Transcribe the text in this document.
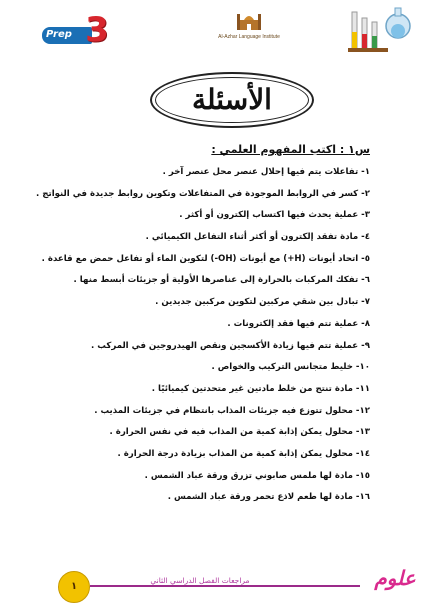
Prep 3	Al-Azhar Language Institute
الأسئلة
س١ : اكتب المفهوم العلمي :
١- تفاعلات يتم فيها إحلال عنصر محل عنصر آخر .
٢- كسر في الروابط الموجودة في المتفاعلات وتكوين روابط جديدة في النواتج .
٣- عملية يحدث فيها اكتساب إلكترون أو أكثر .
٤- مادة تفقد إلكترون أو أكثر أثناء التفاعل الكيميائي .
٥- اتحاد أيونات (H+) مع أيونات (OH-) لتكوين الماء أو تفاعل حمض مع قاعدة .
٦- تفكك المركبات بالحرارة إلى عناصرها الأولية أو جزيئات أبسط منها .
٧- تبادل بين شقي مركبين لتكوين مركبين جديدين .
٨- عملية تتم فيها فقد إلكترونات .
٩- عملية تتم فيها زيادة الأكسجين ونقص الهيدروجين في المركب .
١٠- خليط متجانس التركيب والخواص .
١١- مادة تنتج من خلط مادتين غير متحدتين كيميائيًا .
١٢- محلول تتوزع فيه جزيئات المذاب بانتظام في جزيئات المذيب .
١٣- محلول يمكن إذابة كمية من المذاب فيه في نفس الحرارة .
١٤- محلول يمكن إذابة كمية من المذاب بزيادة درجة الحرارة .
١٥- مادة لها ملمس صابوني تزرق ورقة عباد الشمس .
١٦- مادة لها طعم لاذع تحمر ورقة عباد الشمس .
١
مراجعات الفصل الدراسي الثاني	علوم
